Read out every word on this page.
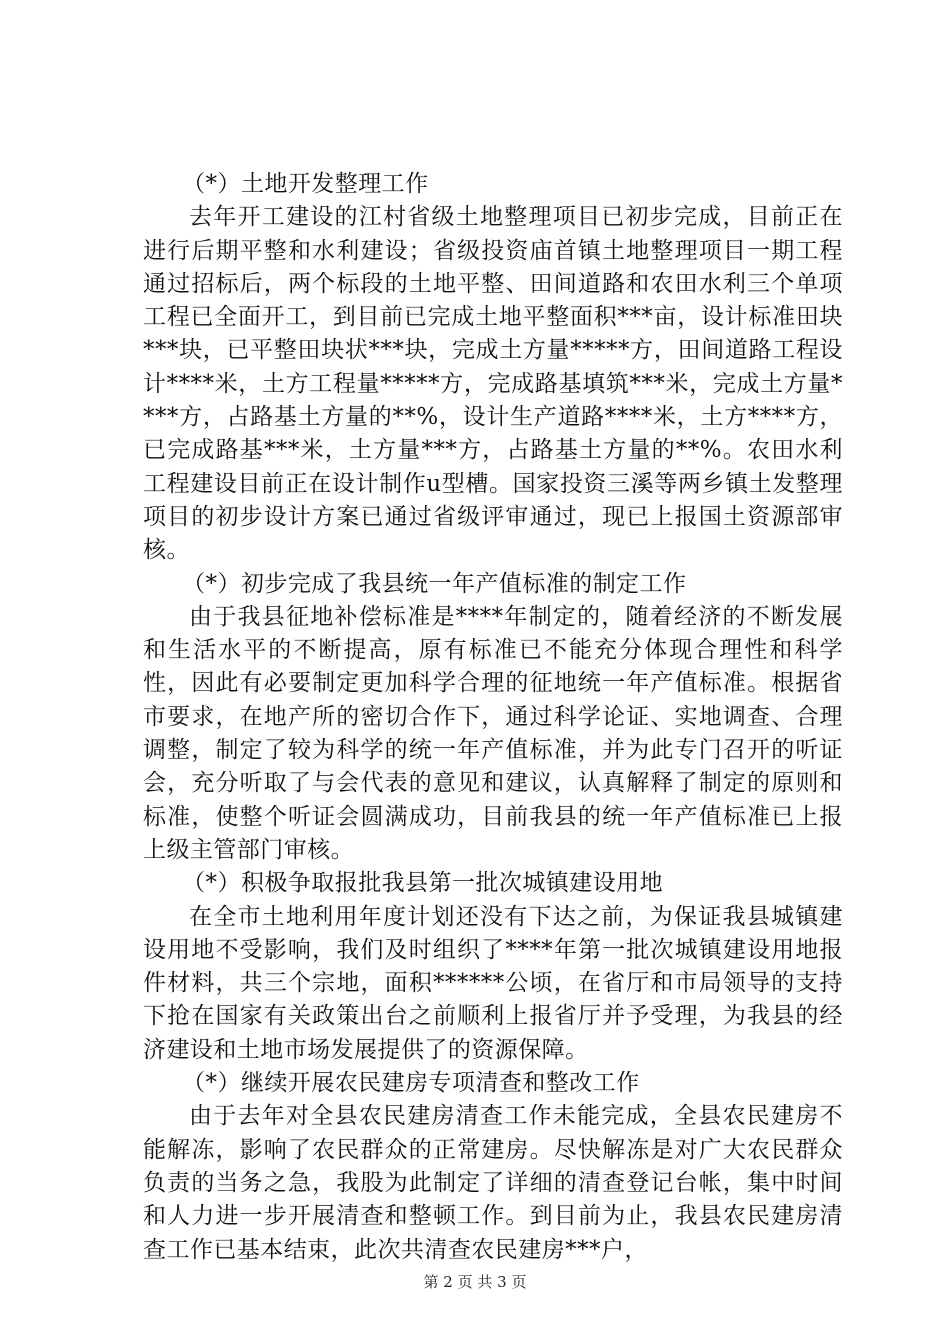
（*）土地开发整理工作

去年开工建设的江村省级土地整理项目已初步完成，目前正在进行后期平整和水利建设；省级投资庙首镇土地整理项目一期工程通过招标后，两个标段的土地平整、田间道路和农田水利三个单项工程已全面开工，到目前已完成土地平整面积***亩，设计标准田块***块，已平整田块状***块，完成土方量*****方，田间道路工程设计****米，土方工程量*****方，完成路基填筑***米，完成土方量****方，占路基土方量的**%，设计生产道路****米，土方****方，已完成路基***米，土方量***方，占路基土方量的**%。农田水利工程建设目前正在设计制作u型槽。国家投资三溪等两乡镇土发整理项目的初步设计方案已通过省级评审通过，现已上报国土资源部审核。

（*）初步完成了我县统一年产值标准的制定工作

由于我县征地补偿标准是****年制定的，随着经济的不断发展和生活水平的不断提高，原有标准已不能充分体现合理性和科学性，因此有必要制定更加科学合理的征地统一年产值标准。根据省市要求，在地产所的密切合作下，通过科学论证、实地调查、合理调整，制定了较为科学的统一年产值标准，并为此专门召开的听证会，充分听取了与会代表的意见和建议，认真解释了制定的原则和标准，使整个听证会圆满成功，目前我县的统一年产值标准已上报上级主管部门审核。

（*）积极争取报批我县第一批次城镇建设用地

在全市土地利用年度计划还没有下达之前，为保证我县城镇建设用地不受影响，我们及时组织了****年第一批次城镇建设用地报件材料，共三个宗地，面积******公顷，在省厅和市局领导的支持下抢在国家有关政策出台之前顺利上报省厅并予受理，为我县的经济建设和土地市场发展提供了的资源保障。

（*）继续开展农民建房专项清查和整改工作

由于去年对全县农民建房清查工作未能完成，全县农民建房不能解冻，影响了农民群众的正常建房。尽快解冻是对广大农民群众负责的当务之急，我股为此制定了详细的清查登记台帐，集中时间和人力进一步开展清查和整顿工作。到目前为止，我县农民建房清查工作已基本结束，此次共清查农民建房***户，

第 2 页 共 3 页
